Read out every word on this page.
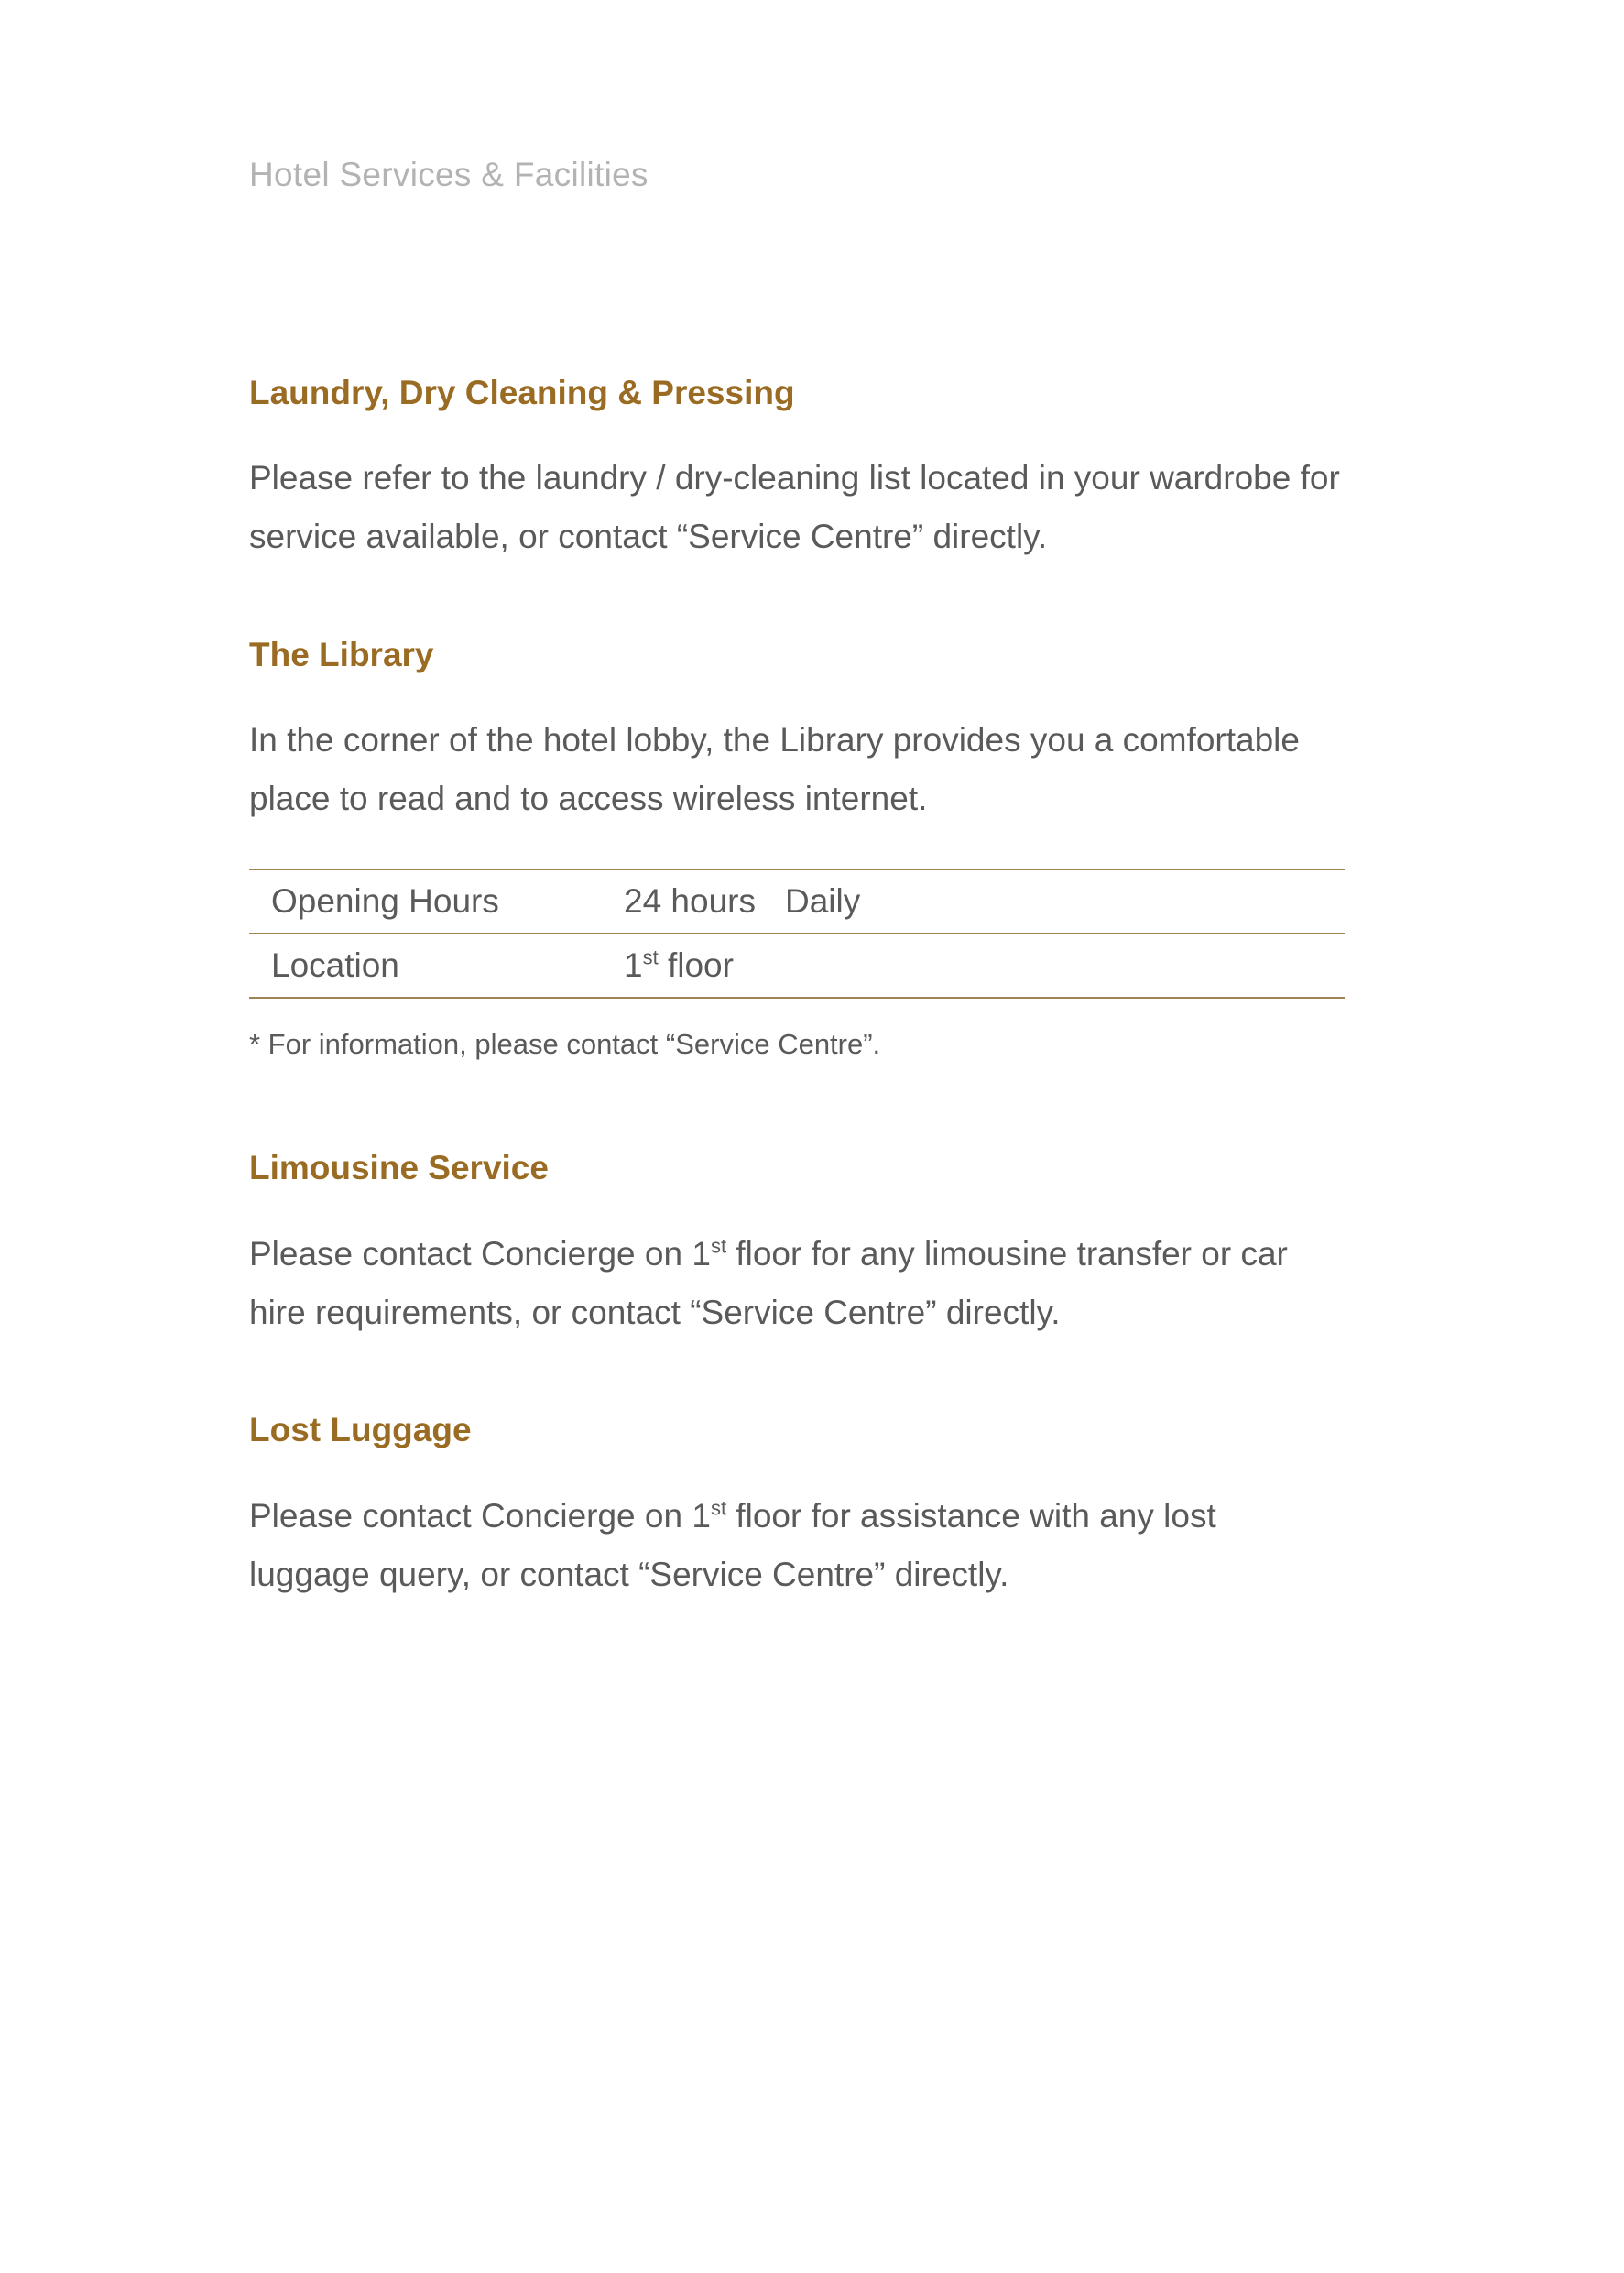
Hotel Services & Facilities
Laundry, Dry Cleaning & Pressing

Please refer to the laundry / dry-cleaning list located in your wardrobe for service available, or contact “Service Centre” directly.

The Library

In the corner of the hotel lobby, the Library provides you a comfortable place to read and to access wireless internet.

Opening Hours	24 hours Daily
Location	1st floor

* For information, please contact “Service Centre”.

Limousine Service

Please contact Concierge on 1st floor for any limousine transfer or car hire requirements, or contact “Service Centre” directly.

Lost Luggage

Please contact Concierge on 1st floor for assistance with any lost luggage query, or contact “Service Centre” directly.
